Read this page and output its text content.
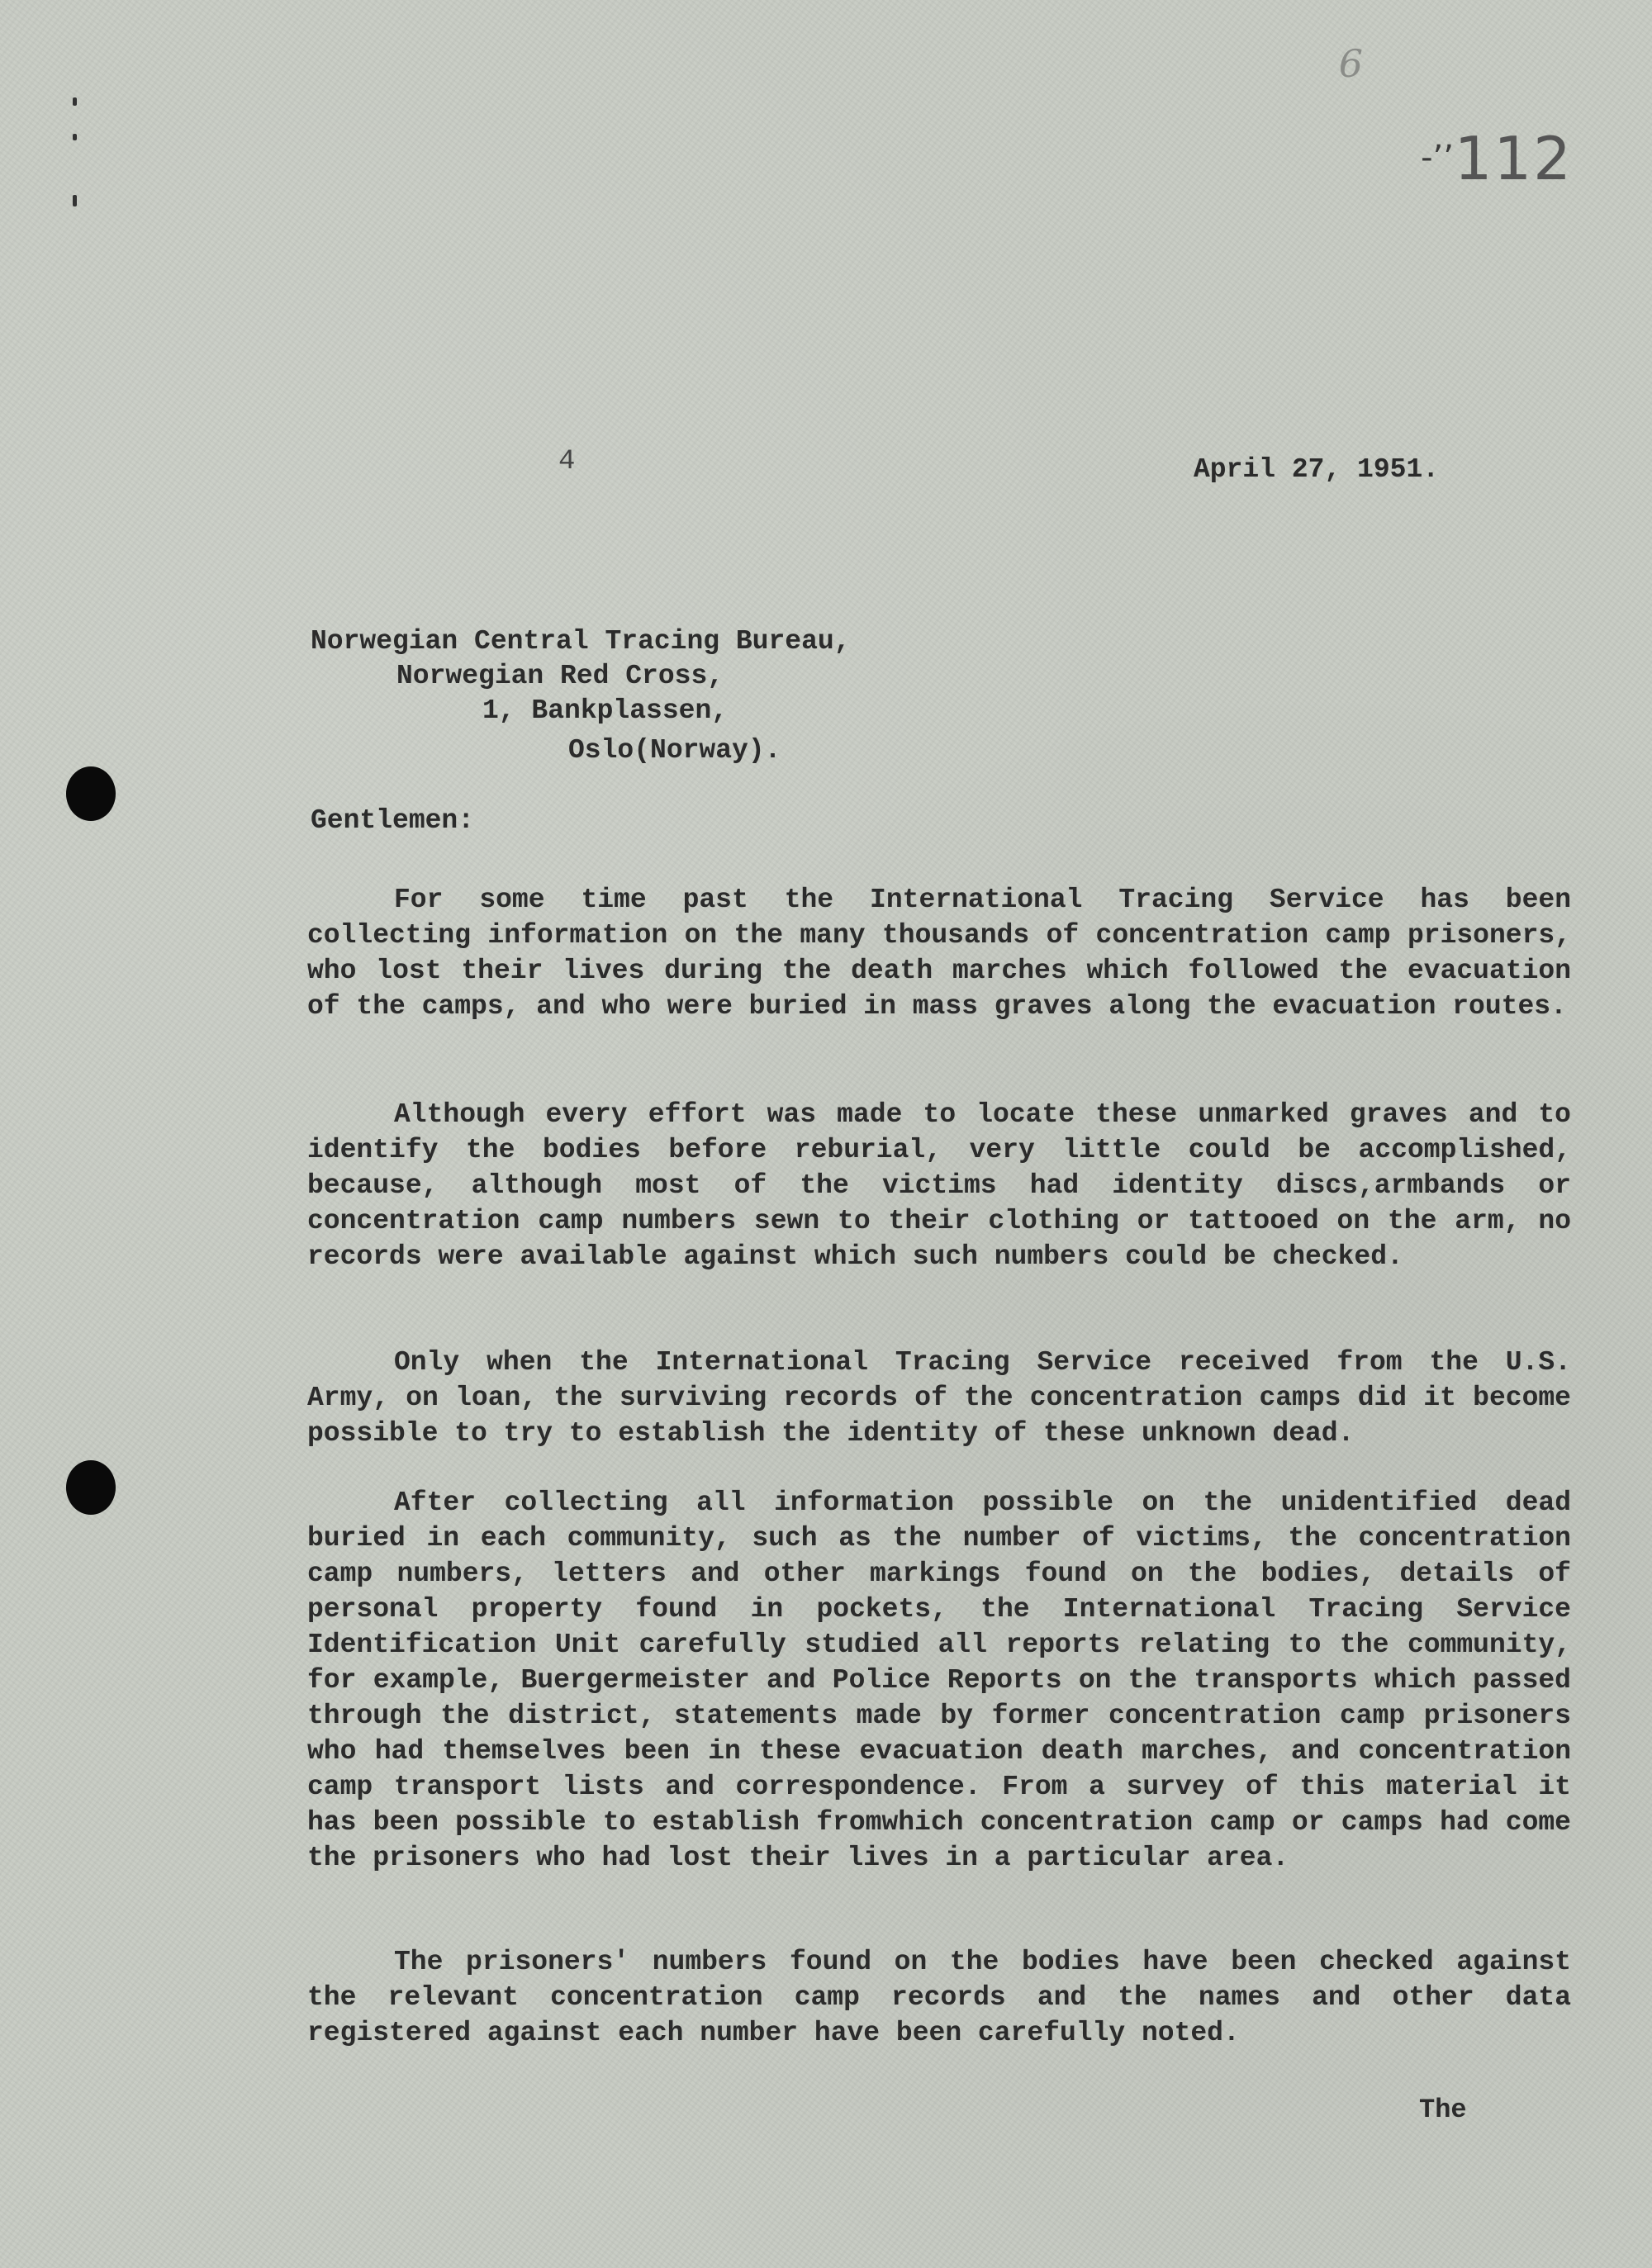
6
-’’ 112
4	April 27, 1951.
Norwegian Central Tracing Bureau,
Norwegian Red Cross,
1, Bankplassen,
Oslo(Norway).
Gentlemen:

For some time past the International Tracing Service has been collecting information on the many thousands of concentration camp prisoners, who lost their lives during the death marches which followed the evacuation of the camps, and who were buried in mass graves along the evacuation routes.

Although every effort was made to locate these unmarked graves and to identify the bodies before reburial, very little could be accomplished, because, although most of the victims had identity discs,armbands or concentration camp numbers sewn to their clothing or tattooed on the arm, no records were available against which such numbers could be checked.

Only when the International Tracing Service received from the U.S. Army, on loan, the surviving records of the concentration camps did it become possible to try to establish the identity of these unknown dead.

After collecting all information possible on the unidentified dead buried in each community, such as the number of victims, the concentration camp numbers, letters and other markings found on the bodies, details of personal property found in pockets, the International Tracing Service Identification Unit carefully studied all reports relating to the community, for example, Buergermeister and Police Reports on the transports which passed through the district, statements made by former concentration camp prisoners who had themselves been in these evacuation death marches, and concentration camp transport lists and correspondence. From a survey of this material it has been possible to establish fromwhich concentration camp or camps had come the prisoners who had lost their lives in a particular area.

The prisoners' numbers found on the bodies have been checked against the relevant concentration camp records and the names and other data registered against each number have been carefully noted.

The
